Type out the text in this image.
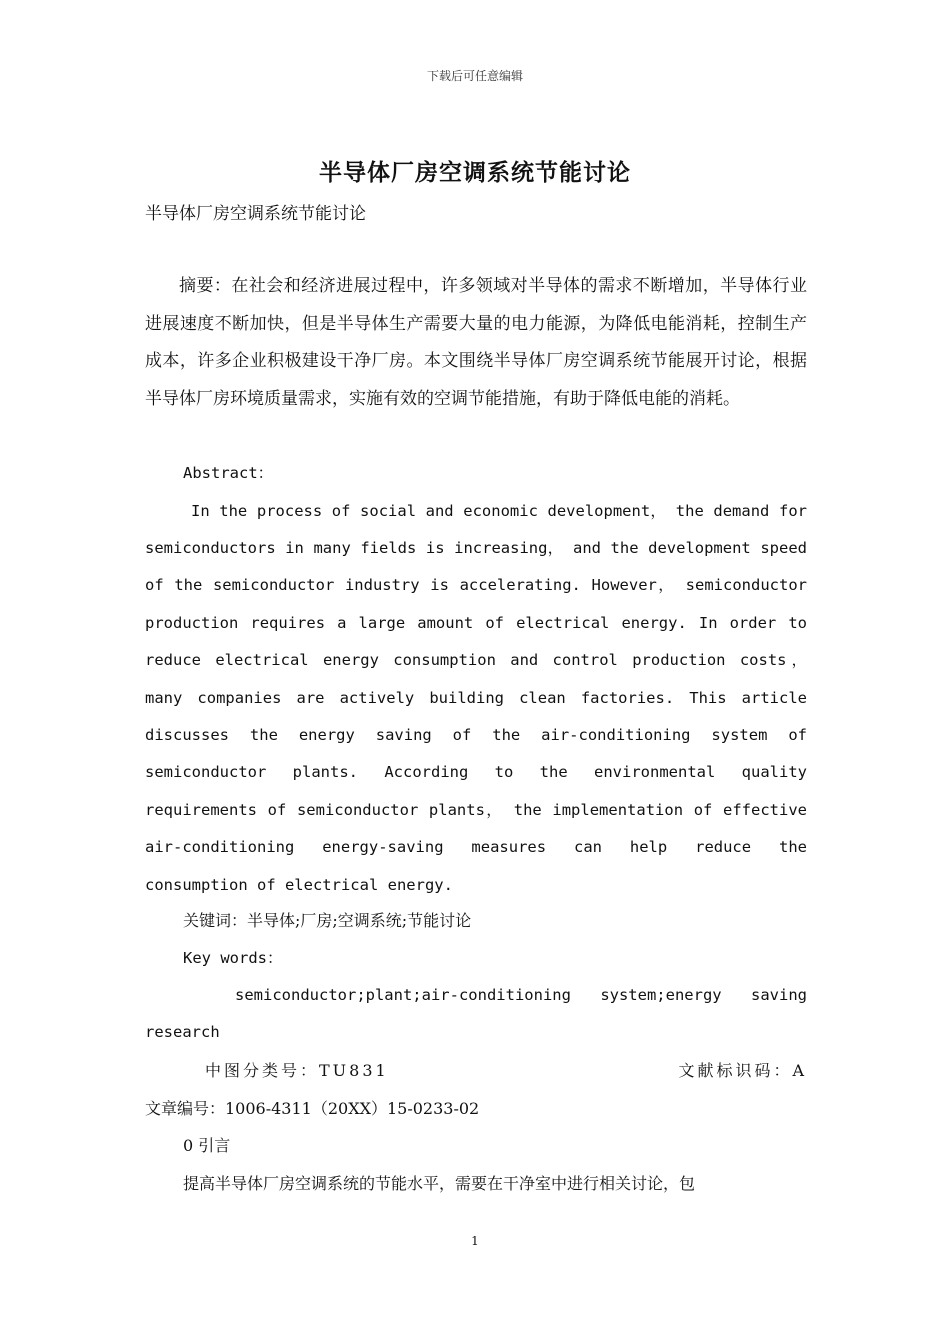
下载后可任意编辑
半导体厂房空调系统节能讨论
半导体厂房空调系统节能讨论

摘要：在社会和经济进展过程中，许多领域对半导体的需求不断增加，半导体行业进展速度不断加快，但是半导体生产需要大量的电力能源，为降低电能消耗，控制生产成本，许多企业积极建设干净厂房。本文围绕半导体厂房空调系统节能展开讨论，根据半导体厂房环境质量需求，实施有效的空调节能措施，有助于降低电能的消耗。

Abstract：

In the process of social and economic development， the demand for semiconductors in many fields is increasing， and the development speed of the semiconductor industry is accelerating. However， semiconductor production requires a large amount of electrical energy. In order to reduce electrical energy consumption and control production costs， many companies are actively building clean factories. This article discusses the energy saving of the air-conditioning system of semiconductor plants. According to the environmental quality requirements of semiconductor plants， the implementation of effective air-conditioning energy-saving measures can help reduce the consumption of electrical energy.

关键词：半导体;厂房;空调系统;节能讨论

Key words：

semiconductor;plant;air-conditioning system;energy saving research

中图分类号：TU831	文献标识码：A

文章编号：1006-4311（20XX）15-0233-02

0 引言

提高半导体厂房空调系统的节能水平，需要在干净室中进行相关讨论，包

1
